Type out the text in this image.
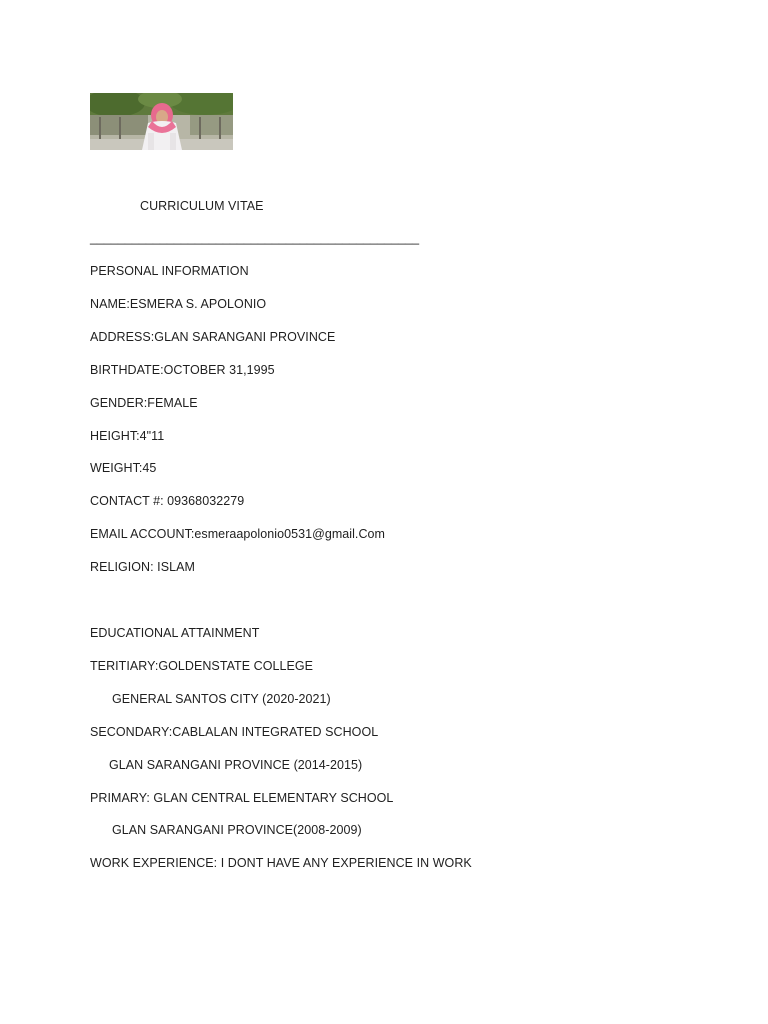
CURRICULUM VITAE
_______________________________________________
PERSONAL INFORMATION
NAME:ESMERA S. APOLONIO
ADDRESS:GLAN SARANGANI PROVINCE
BIRTHDATE:OCTOBER 31,1995
GENDER:FEMALE
HEIGHT:4"11
WEIGHT:45
CONTACT #: 09368032279
EMAIL ACCOUNT:esmeraapolonio0531@gmail.Com
RELIGION: ISLAM
EDUCATIONAL ATTAINMENT
TERITIARY:GOLDENSTATE COLLEGE
GENERAL SANTOS CITY (2020-2021)
SECONDARY:CABLALAN INTEGRATED SCHOOL
GLAN SARANGANI PROVINCE (2014-2015)
PRIMARY: GLAN CENTRAL ELEMENTARY SCHOOL
GLAN SARANGANI PROVINCE(2008-2009)
WORK EXPERIENCE: I DONT HAVE ANY EXPERIENCE IN WORK
